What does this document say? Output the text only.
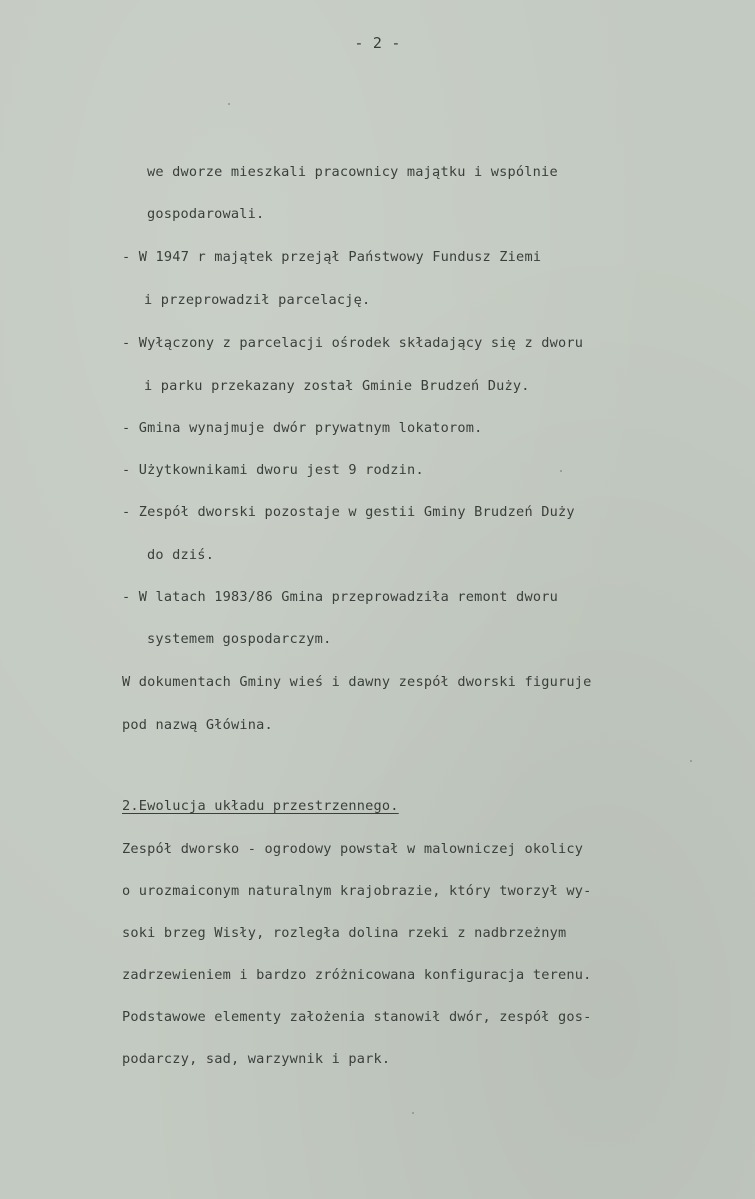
- 2 -
we dworze mieszkali pracownicy majątku i wspólnie
gospodarowali.
- W 1947 r majątek przejął Państwowy Fundusz Ziemi
i przeprowadził parcelację.
- Wyłączony z parcelacji ośrodek składający się z dworu
i parku przekazany został Gminie Brudzeń Duży.
- Gmina wynajmuje dwór prywatnym lokatorom.
- Użytkownikami dworu jest 9 rodzin.
- Zespół dworski pozostaje w gestii Gminy Brudzeń Duży
do dziś.
- W latach 1983/86 Gmina przeprowadziła remont dworu
systemem gospodarczym.
W dokumentach Gminy wieś i dawny zespół dworski figuruje
pod nazwą Główina.
2.Ewolucja układu przestrzennego.
Zespół dworsko - ogrodowy powstał w malowniczej okolicy
o urozmaiconym naturalnym krajobrazie, który tworzył wy-
soki brzeg Wisły, rozległa dolina rzeki z nadbrzeżnym
zadrzewieniem i bardzo zróżnicowana konfiguracja terenu.
Podstawowe elementy założenia stanowił dwór, zespół gos-
podarczy, sad, warzywnik i park.
